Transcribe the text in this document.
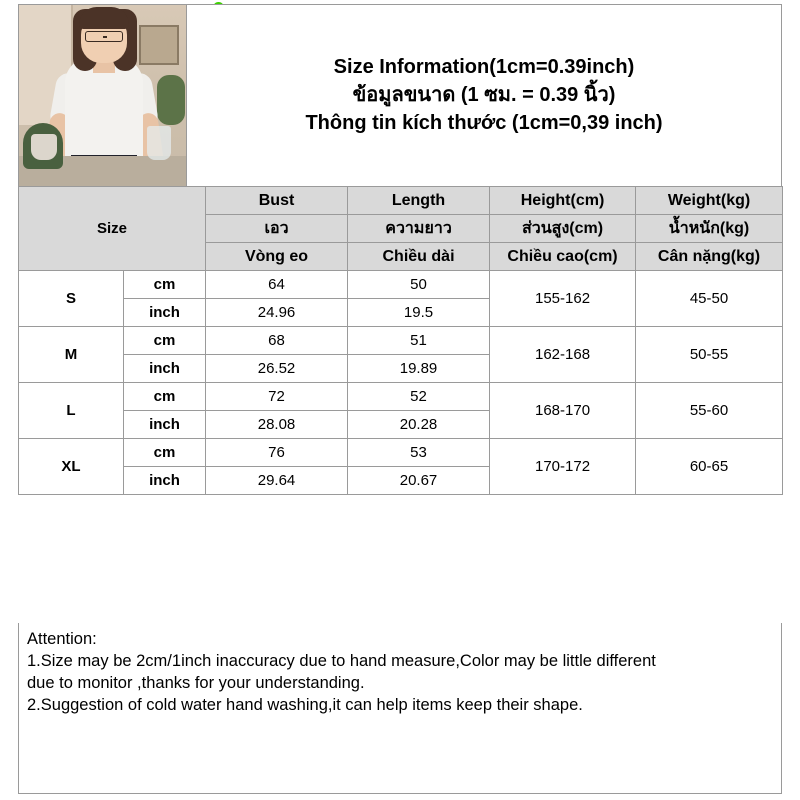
Size Information(1cm=0.39inch)
ข้อมูลขนาด (1 ซม. = 0.39 นิ้ว)
Thông tin kích thước (1cm=0,39 inch)
Size		Bust	Length	Height(cm)	Weight(kg)
		เอว	ความยาว	ส่วนสูง(cm)	น้ำหนัก(kg)
		Vòng eo	Chiều dài	Chiều cao(cm)	Cân nặng(kg)
S	cm	64	50	155-162	45-50
	inch	24.96	19.5		
M	cm	68	51	162-168	50-55
	inch	26.52	19.89		
L	cm	72	52	168-170	55-60
	inch	28.08	20.28		
XL	cm	76	53	170-172	60-65
	inch	29.64	20.67		

Attention:

1.Size may be 2cm/1inch inaccuracy due to hand measure,Color may be little different

due to monitor ,thanks for your understanding.

2.Suggestion of cold water hand washing,it can help items keep their shape.
